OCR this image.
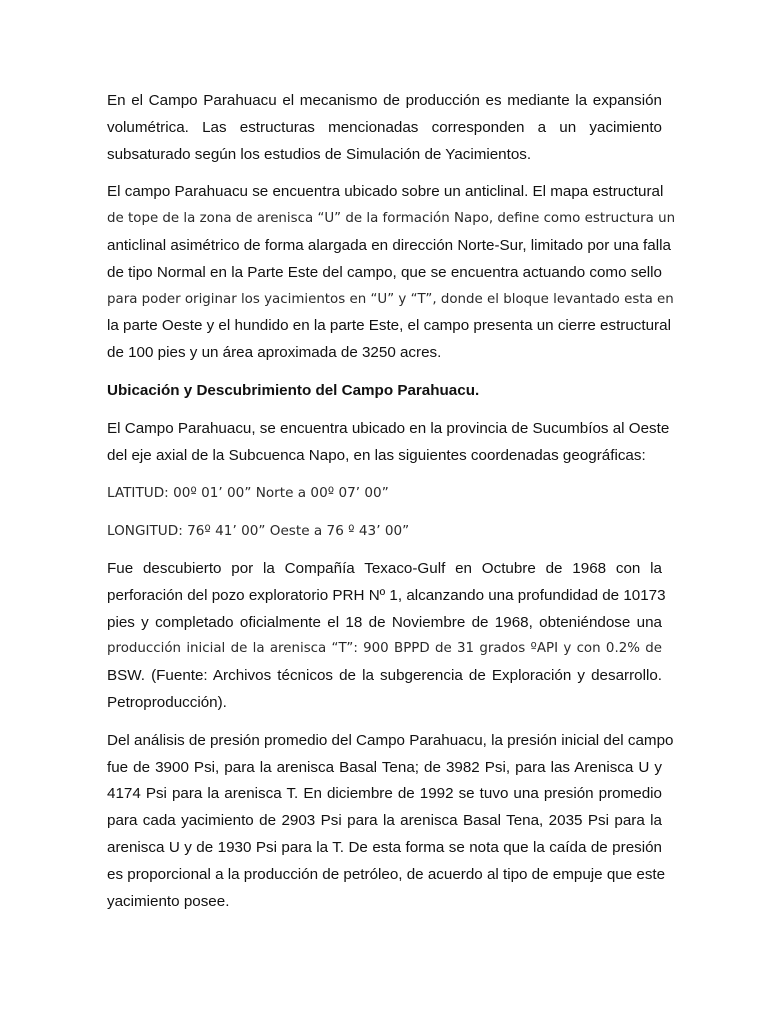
En el Campo Parahuacu el mecanismo de producción es mediante la expansión
volumétrica. Las estructuras mencionadas corresponden a un yacimiento
subsaturado según los estudios de Simulación de Yacimientos.

El campo Parahuacu se encuentra ubicado sobre un anticlinal. El mapa estructural
de tope de la zona de arenisca “U” de la formación Napo, define como estructura un
anticlinal asimétrico de forma alargada en dirección Norte-Sur, limitado por una falla
de tipo Normal en la Parte Este del campo, que se encuentra actuando como sello
para poder originar los yacimientos en “U” y “T”, donde el bloque levantado esta en
la parte Oeste y el hundido en la parte Este, el campo presenta un cierre estructural
de 100 pies y un área aproximada de 3250 acres.

Ubicación y Descubrimiento del Campo Parahuacu.

El Campo Parahuacu, se encuentra ubicado en la provincia de Sucumbíos al Oeste
del eje axial de la Subcuenca Napo, en las siguientes coordenadas geográficas:

LATITUD: 00º 01’ 00” Norte a 00º 07’ 00”

LONGITUD: 76º 41’ 00” Oeste a 76 º 43’ 00”

Fue descubierto por la Compañía Texaco-Gulf en Octubre de 1968 con la
perforación del pozo exploratorio PRH Nº 1, alcanzando una profundidad de 10173
pies y completado oficialmente el 18 de Noviembre de 1968, obteniéndose una
producción inicial de la arenisca “T”: 900 BPPD de 31 grados ºAPI y con 0.2% de
BSW. (Fuente: Archivos técnicos de la subgerencia de Exploración y desarrollo.
Petroproducción).

Del análisis de presión promedio del Campo Parahuacu, la presión inicial del campo
fue de 3900 Psi, para la arenisca Basal Tena; de 3982 Psi, para las Arenisca U y
4174 Psi para la arenisca T. En diciembre de 1992 se tuvo una presión promedio
para cada yacimiento de 2903 Psi para la arenisca Basal Tena, 2035 Psi para la
arenisca U y de 1930 Psi para la T. De esta forma se nota que la caída de presión
es proporcional a la producción de petróleo, de acuerdo al tipo de empuje que este
yacimiento posee.
